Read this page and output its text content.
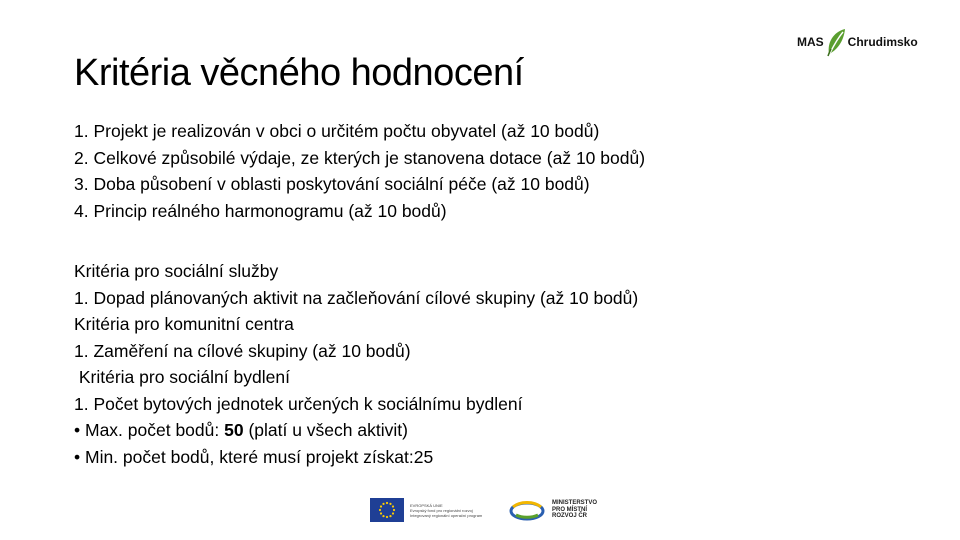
Kritéria věcného hodnocení
MAS Chrudimsko
1. Projekt je realizován v obci o určitém počtu obyvatel (až 10 bodů)
2. Celkové způsobilé výdaje, ze kterých je stanovena dotace (až 10 bodů)
3. Doba působení v oblasti poskytování sociální péče (až 10 bodů)
4. Princip reálného harmonogramu (až 10 bodů)
Kritéria pro sociální služby
1. Dopad plánovaných aktivit na začleňování cílové skupiny (až 10 bodů)
Kritéria pro komunitní centra
1. Zaměření na cílové skupiny (až 10 bodů)
Kritéria pro sociální bydlení
1. Počet bytových jednotek určených k sociálnímu bydlení
• Max. počet bodů: 50 (platí u všech aktivit)
• Min. počet bodů, které musí projekt získat:25
EVROPSKÁ UNIE
Evropský fond pro regionální rozvoj
Integrovaný regionální operační program
MINISTERSTVO
PRO MÍSTNÍ
ROZVOJ ČR
